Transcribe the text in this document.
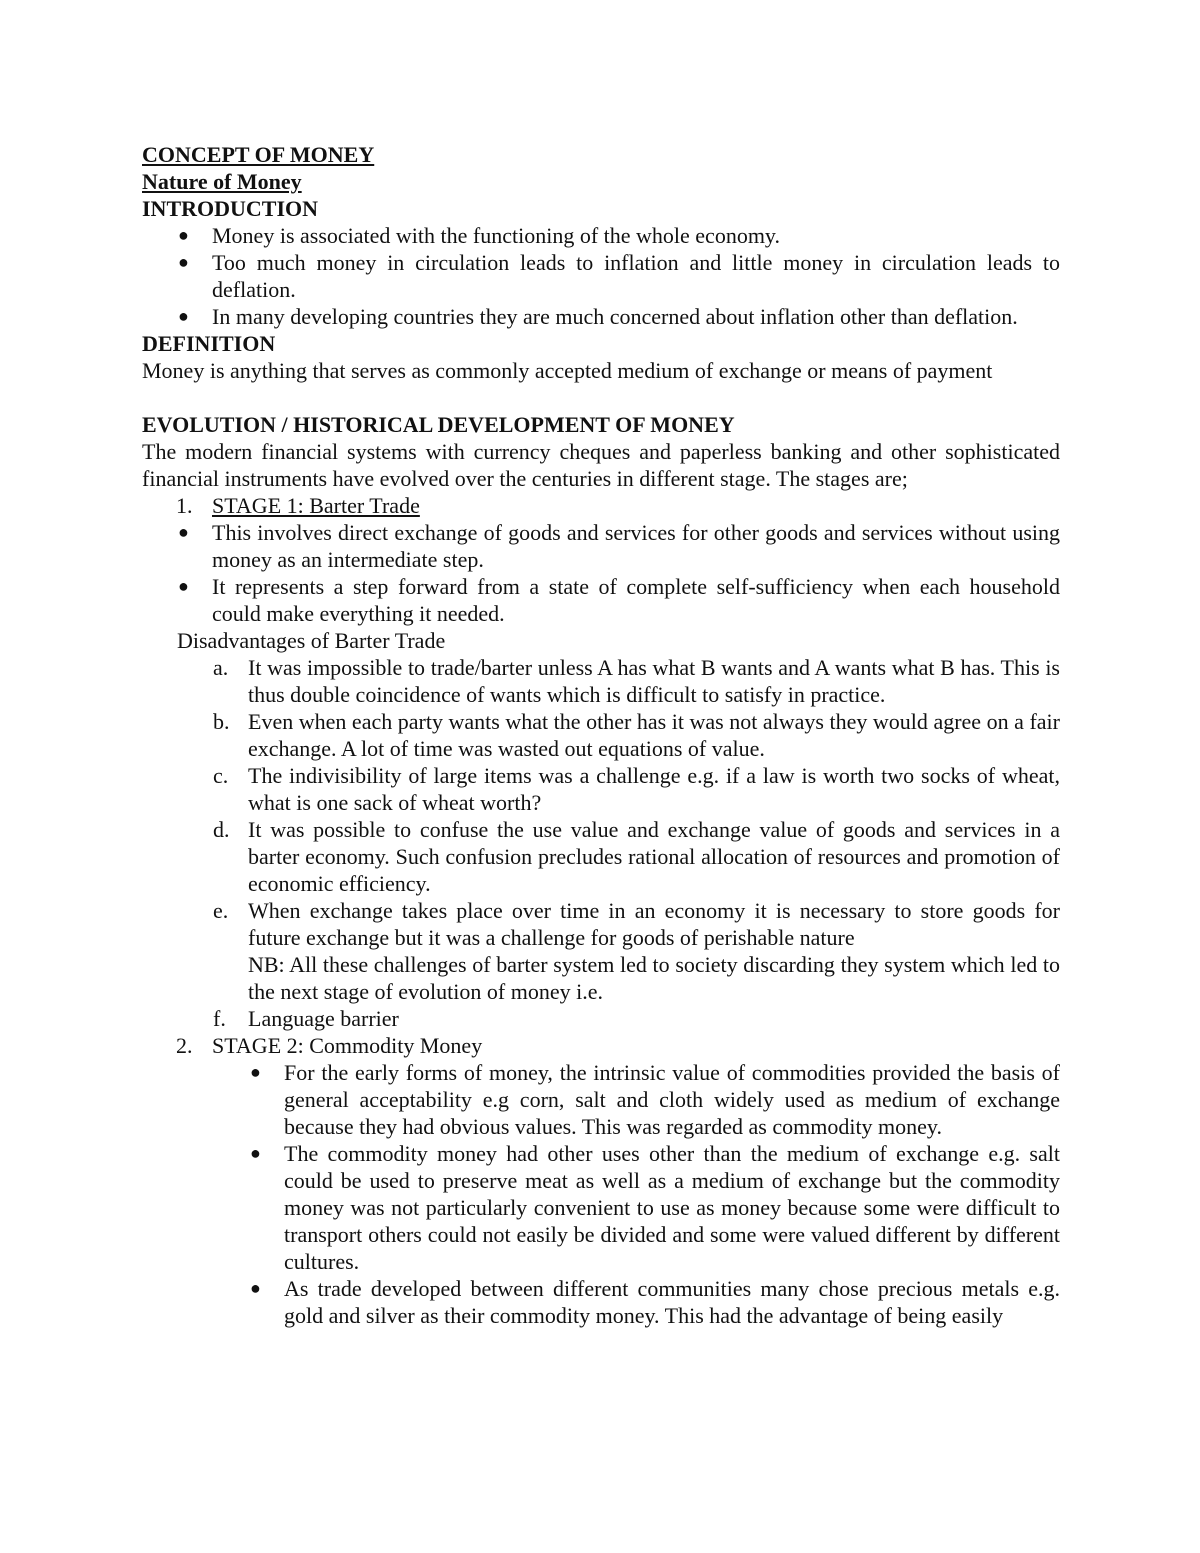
CONCEPT OF MONEY
Nature of Money
INTRODUCTION
● Money is associated with the functioning of the whole economy.
● Too much money in circulation leads to inflation and little money in circulation leads to deflation.
● In many developing countries they are much concerned about inflation other than deflation.
DEFINITION
Money is anything that serves as commonly accepted medium of exchange or means of payment
EVOLUTION / HISTORICAL DEVELOPMENT OF MONEY
The modern financial systems with currency cheques and paperless banking and other sophisticated financial instruments have evolved over the centuries in different stage. The stages are;
1. STAGE 1: Barter Trade
● This involves direct exchange of goods and services for other goods and services without using money as an intermediate step.
● It represents a step forward from a state of complete self-sufficiency when each household could make everything it needed.
Disadvantages of Barter Trade
a. It was impossible to trade/barter unless A has what B wants and A wants what B has. This is thus double coincidence of wants which is difficult to satisfy in practice.
b. Even when each party wants what the other has it was not always they would agree on a fair exchange. A lot of time was wasted out equations of value.
c. The indivisibility of large items was a challenge e.g. if a law is worth two socks of wheat, what is one sack of wheat worth?
d. It was possible to confuse the use value and exchange value of goods and services in a barter economy. Such confusion precludes rational allocation of resources and promotion of economic efficiency.
e. When exchange takes place over time in an economy it is necessary to store goods for future exchange but it was a challenge for goods of perishable nature
NB: All these challenges of barter system led to society discarding they system which led to the next stage of evolution of money i.e.
f. Language barrier
2. STAGE 2: Commodity Money
● For the early forms of money, the intrinsic value of commodities provided the basis of general acceptability e.g corn, salt and cloth widely used as medium of exchange because they had obvious values. This was regarded as commodity money.
● The commodity money had other uses other than the medium of exchange e.g. salt could be used to preserve meat as well as a medium of exchange but the commodity money was not particularly convenient to use as money because some were difficult to transport others could not easily be divided and some were valued different by different cultures.
● As trade developed between different communities many chose precious metals e.g. gold and silver as their commodity money. This had the advantage of being easily
